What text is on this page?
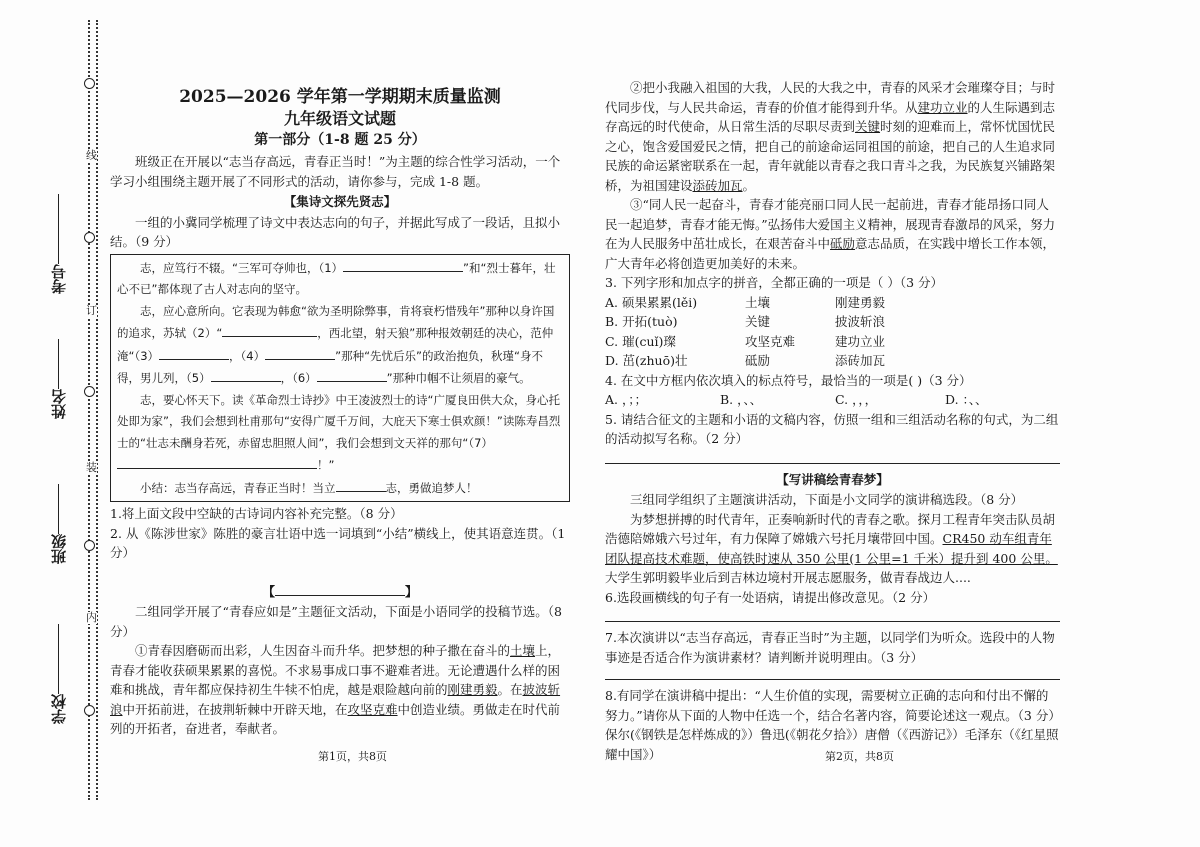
线
订
装
内
考号
姓名
班级
学校
2025—2026 学年第一学期期末质量监测
九年级语文试题
第一部分（1-8 题 25 分）

班级正在开展以“志当存高远，青春正当时！”为主题的综合性学习活动，一个学习小组围绕主题开展了不同形式的活动，请你参与，完成 1-8 题。

【集诗文探先贤志】

一组的小冀同学梳理了诗文中表达志向的句子，并据此写成了一段话，且拟小结。（9 分）

志，应笃行不辍。“三军可夺帅也，（1）	”和“烈士暮年，壮心不已”都体现了古人对志向的坚守。

志，应心意所向。它表现为韩愈“欲为圣明除弊事，肯将衰朽惜残年”那种以身许国的追求，苏轼（2）“	，西北望，射天狼”那种报效朝廷的决心，范仲淹“（3）	，（4）	”那种“先忧后乐”的政治抱负，秋瑾“身不得，男儿列，（5）	，（6）	”那种巾帼不让须眉的豪气。

志，要心怀天下。读《革命烈士诗抄》中王凌波烈士的诗“广厦良田供大众，身心托处即为家”，我们会想到杜甫那句“安得广厦千万间，大庇天下寒士俱欢颜！”读陈寿昌烈士的“壮志未酬身若死，赤留忠胆照人间”，我们会想到文天祥的那句“（7）！”

小结：志当存高远，青春正当时！当立	志，勇做追梦人！

1.将上面文段中空缺的古诗词内容补充完整。（8 分）

2. 从《陈涉世家》陈胜的豪言壮语中选一词填到“小结”横线上，使其语意连贯。（1 分）

【	】

二组同学开展了“青春应如是”主题征文活动，下面是小语同学的投稿节选。（8 分）

①青春因磨砺而出彩，人生因奋斗而升华。把梦想的种子撒在奋斗的土壤上，青春才能收获硕果累累的喜悦。不求易事成口事不避难者进。无论遭遇什么样的困难和挑战，青年都应保持初生牛犊不怕虎，越是艰险越向前的刚建勇毅。在披波斩浪中开拓前进，在披荆斩棘中开辟天地，在攻坚克难中创造业绩。勇做走在时代前列的开拓者，奋进者，奉献者。

第1页，共8页

②把小我融入祖国的大我，人民的大我之中，青春的风采才会璀璨夺目；与时代同步伐，与人民共命运，青春的价值才能得到升华。从建功立业的人生际遇到志存高远的时代使命，从日常生活的尽职尽责到关键时刻的迎难而上，常怀忧国忧民之心，饱含爱国爱民之情，把自己的前途命运同祖国的前途，把自己的人生追求同民族的命运紧密联系在一起，青年就能以青春之我口青斗之我，为民族复兴铺路架桥，为祖国建设添砖加瓦。

③“同人民一起奋斗，青春才能亮丽口同人民一起前进，青春才能昂扬口同人民一起追梦，青春才能无悔。”弘扬伟大爱国主义精神，展现青春激昂的风采，努力在为人民服务中茁壮成长，在艰苦奋斗中砥励意志品质，在实践中增长工作本领，广大青年必将创造更加美好的未来。

3. 下列字形和加点字的拼音，全都正确的一项是（ ）（3 分）

A. 硕果累累(lěi)	土壤	刚建勇毅
B. 开拓(tuò)	关键	披波斩浪
C. 璀(cuǐ)璨	攻坚克难	建功立业
D. 茁(zhuō)壮	砥励	添砖加瓦

4. 在文中方框内依次填入的标点符号，最恰当的一项是( )（3 分）

A. ，；；	B. ，、、	C. ，，，	D. ：、、

5. 请结合征文的主题和小语的文稿内容，仿照一组和三组活动名称的句式，为二组的活动拟写名称。（2 分）

【写讲稿绘青春梦】

三组同学组织了主题演讲活动，下面是小文同学的演讲稿选段。（8 分）

为梦想拼搏的时代青年，正奏响新时代的青春之歌。探月工程青年突击队员胡浩德陪嫦娥六号过年，有力保障了嫦娥六号托月壤带回中国。CR450 动车组青年团队提高技术难题，使高铁时速从 350 公里(1 公里=1 千米）提升到 400 公里。大学生郭明毅毕业后到吉林边境村开展志愿服务，做青春战边人....

6.选段画横线的句子有一处语病，请提出修改意见。（2 分）

7.本次演讲以“志当存高远，青春正当时”为主题，以同学们为听众。选段中的人物事迹是否适合作为演讲素材？请判断并说明理由。（3 分）

8.有同学在演讲稿中提出：“人生价值的实现，需要树立正确的志向和付出不懈的努力。”请你从下面的人物中任选一个，结合名著内容，简要论述这一观点。（3 分）

保尔(《钢铁是怎样炼成的》）鲁迅(《朝花夕拾》）唐僧（《西游记》）毛泽东（《红星照耀中国》）	第2页，共8页
